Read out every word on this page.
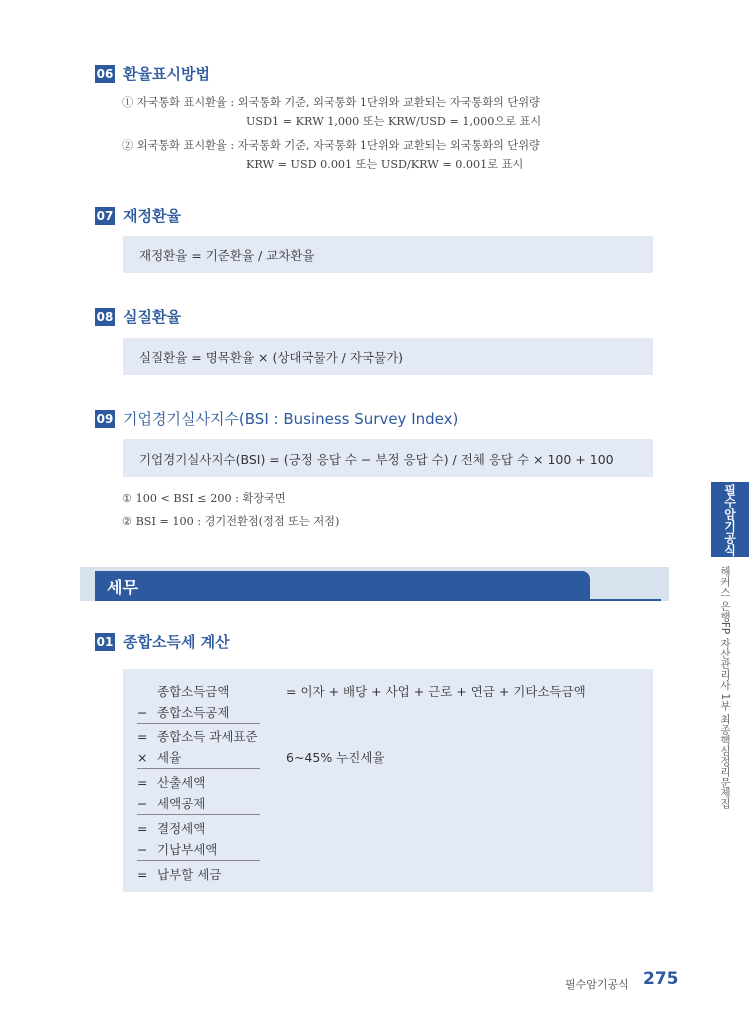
06 환율표시방법
① 자국통화 표시환율 : 외국통화 기준, 외국통화 1단위와 교환되는 자국통화의 단위량
USD1 = KRW 1,000 또는 KRW/USD = 1,000으로 표시
② 외국통화 표시환율 : 자국통화 기준, 자국통화 1단위와 교환되는 외국통화의 단위량
KRW = USD 0.001 또는 USD/KRW = 0.001로 표시
07 재정환율
재정환율 = 기준환율 / 교차환율
08 실질환율
실질환율 = 명목환율 × (상대국물가 / 자국물가)
09 기업경기실사지수(BSI : Business Survey Index)
기업경기실사지수(BSI) = (긍정 응답 수 − 부정 응답 수) / 전체 응답 수 × 100 + 100
① 100 < BSI ≤ 200 : 확장국면
② BSI = 100 : 경기전환점(정점 또는 저점)
세무
01 종합소득세 계산
종합소득금액
− 종합소득공제
= 종합소득 과세표준
× 세율
= 산출세액
− 세액공제
= 결정세액
− 기납부세액
= 납부할 세금
= 이자 + 배당 + 사업 + 근로 + 연금 + 기타소득금액
6~45% 누진세율
필수암기공식
해커스 은행FP 자산관리사 1부 최종핵심정리문제집
필수암기공식 275
